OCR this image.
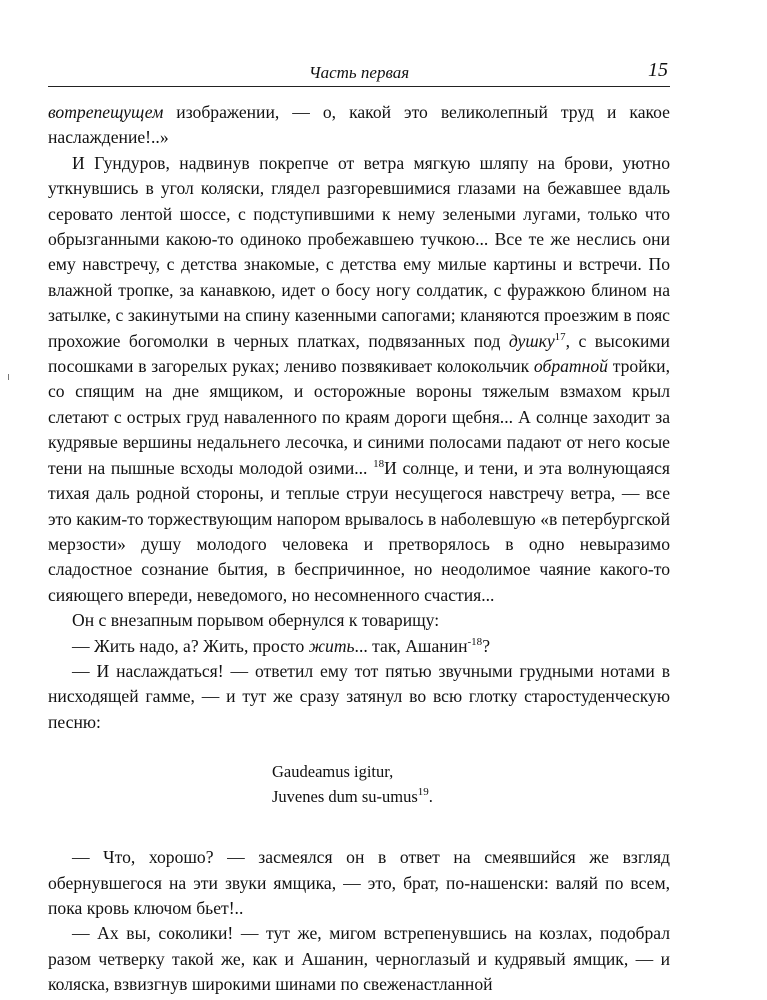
Часть первая	15

вотрепещущем изображении, — о, какой это великолепный труд и какое наслаждение!..»

И Гундуров, надвинув покрепче от ветра мягкую шляпу на брови, уютно уткнувшись в угол коляски, глядел разгоревшимися глазами на бежавшее вдаль серовато лентой шоссе, с подступившими к нему зелеными лугами, только что обрызганными какою-то одиноко пробежавшею тучкою... Все те же неслись они ему навстречу, с детства знакомые, с детства ему милые картины и встречи. По влажной тропке, за канавкою, идет о босу ногу солдатик, с фуражкою блином на затылке, с закинутыми на спину казенными сапогами; кланяются проезжим в пояс прохожие богомолки в черных платках, подвязанных под душку$^{17}$, с высокими посошками в загорелых руках; лениво позвякивает колокольчик обратной тройки, со спящим на дне ямщиком, и осторожные вороны тяжелым взмахом крыл слетают с острых груд наваленного по краям дороги щебня... А солнце заходит за кудрявые вершины недальнего лесочка, и синими полосами падают от него косые тени на пышные всходы молодой озими... $^{18}$И солнце, и тени, и эта волнующаяся тихая даль родной стороны, и теплые струи несущегося навстречу ветра, — все это каким-то торжествующим напором врывалось в наболевшую «в петербургской мерзости» душу молодого человека и претворялось в одно невыразимо сладостное сознание бытия, в беспричинное, но неодолимое чаяние какого-то сияющего впереди, неведомого, но несомненного счастия...

Он с внезапным порывом обернулся к товарищу:

— Жить надо, а? Жить, просто жить... так, Ашанин$^{-18}$?

— И наслаждаться! — ответил ему тот пятью звучными грудными нотами в нисходящей гамме, — и тут же сразу затянул во всю глотку старостуденческую песню:

Gaudeamus igitur,
Juvenes dum su-umus$^{19}$.

— Что, хорошо? — засмеялся он в ответ на смеявшийся же взгляд обернувшегося на эти звуки ямщика, — это, брат, по-нашенски: валяй по всем, пока кровь ключом бьет!..

— Ах вы, соколики! — тут же, мигом встрепенувшись на козлах, подобрал разом четверку такой же, как и Ашанин, черноглазый и кудрявый ямщик, — и коляска, взвизгнув широкими шинами по свеженастланной
